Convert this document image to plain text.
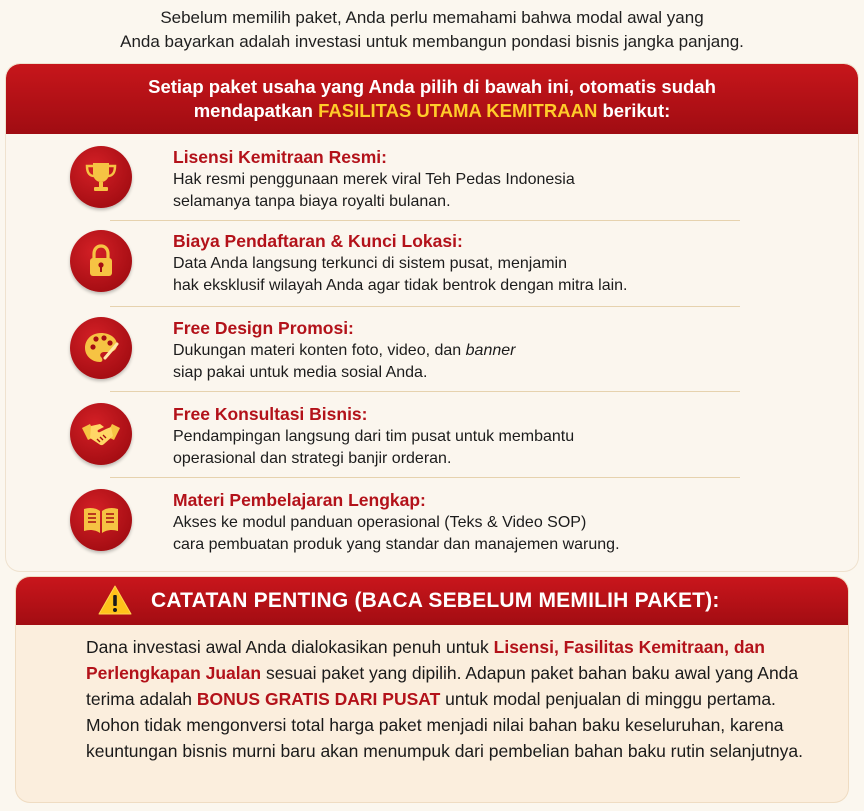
Sebelum memilih paket, Anda perlu memahami bahwa modal awal yang
Anda bayarkan adalah investasi untuk membangun pondasi bisnis jangka panjang.
Setiap paket usaha yang Anda pilih di bawah ini, otomatis sudah
mendapatkan FASILITAS UTAMA KEMITRAAN berikut:
Lisensi Kemitraan Resmi:
Hak resmi penggunaan merek viral Teh Pedas Indonesia
selamanya tanpa biaya royalti bulanan.
Biaya Pendaftaran & Kunci Lokasi:
Data Anda langsung terkunci di sistem pusat, menjamin
hak eksklusif wilayah Anda agar tidak bentrok dengan mitra lain.
Free Design Promosi:
Dukungan materi konten foto, video, dan banner
siap pakai untuk media sosial Anda.
Free Konsultasi Bisnis:
Pendampingan langsung dari tim pusat untuk membantu
operasional dan strategi banjir orderan.
Materi Pembelajaran Lengkap:
Akses ke modul panduan operasional (Teks & Video SOP)
cara pembuatan produk yang standar dan manajemen warung.
CATATAN PENTING (BACA SEBELUM MEMILIH PAKET):
Dana investasi awal Anda dialokasikan penuh untuk Lisensi, Fasilitas Kemitraan, dan Perlengkapan Jualan sesuai paket yang dipilih. Adapun paket bahan baku awal yang Anda terima adalah BONUS GRATIS DARI PUSAT untuk modal penjualan di minggu pertama. Mohon tidak mengonversi total harga paket menjadi nilai bahan baku keseluruhan, karena keuntungan bisnis murni baru akan menumpuk dari pembelian bahan baku rutin selanjutnya.
